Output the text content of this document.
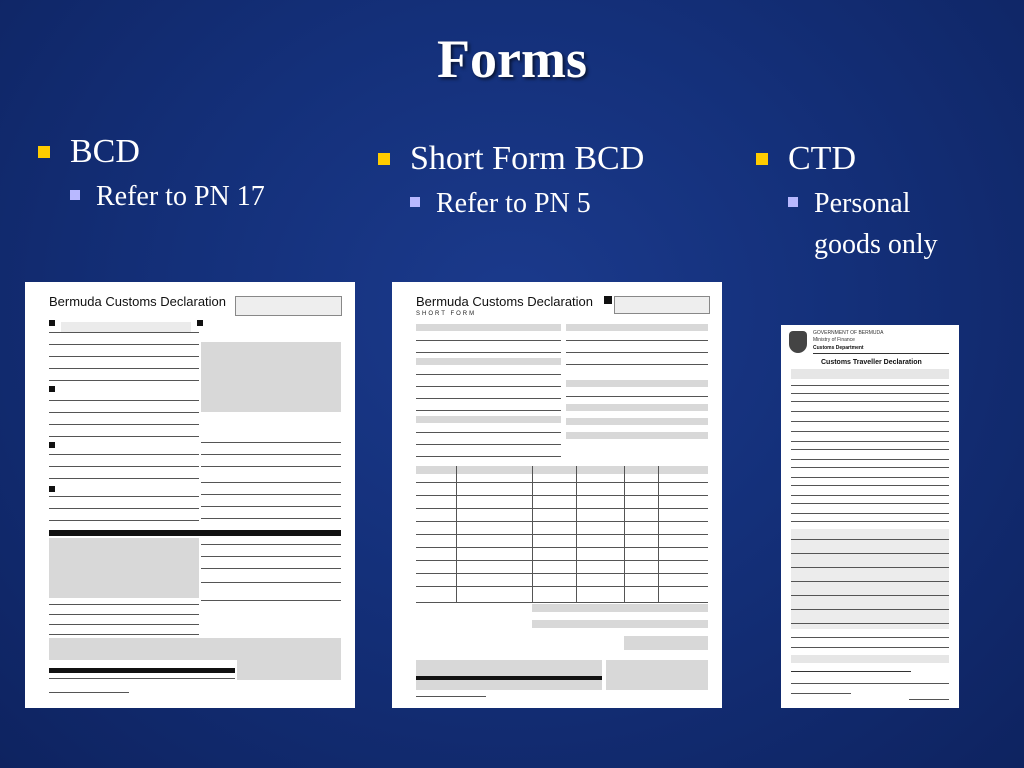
Forms
BCD
Refer to PN 17
Short Form BCD
Refer to PN 5
CTD
Personal goods only
Bermuda Customs Declaration	Bermuda Customs Declaration
SHORT FORM
GOVERNMENT OF BERMUDA
Ministry of Finance
Customs Department
Customs Traveller Declaration
